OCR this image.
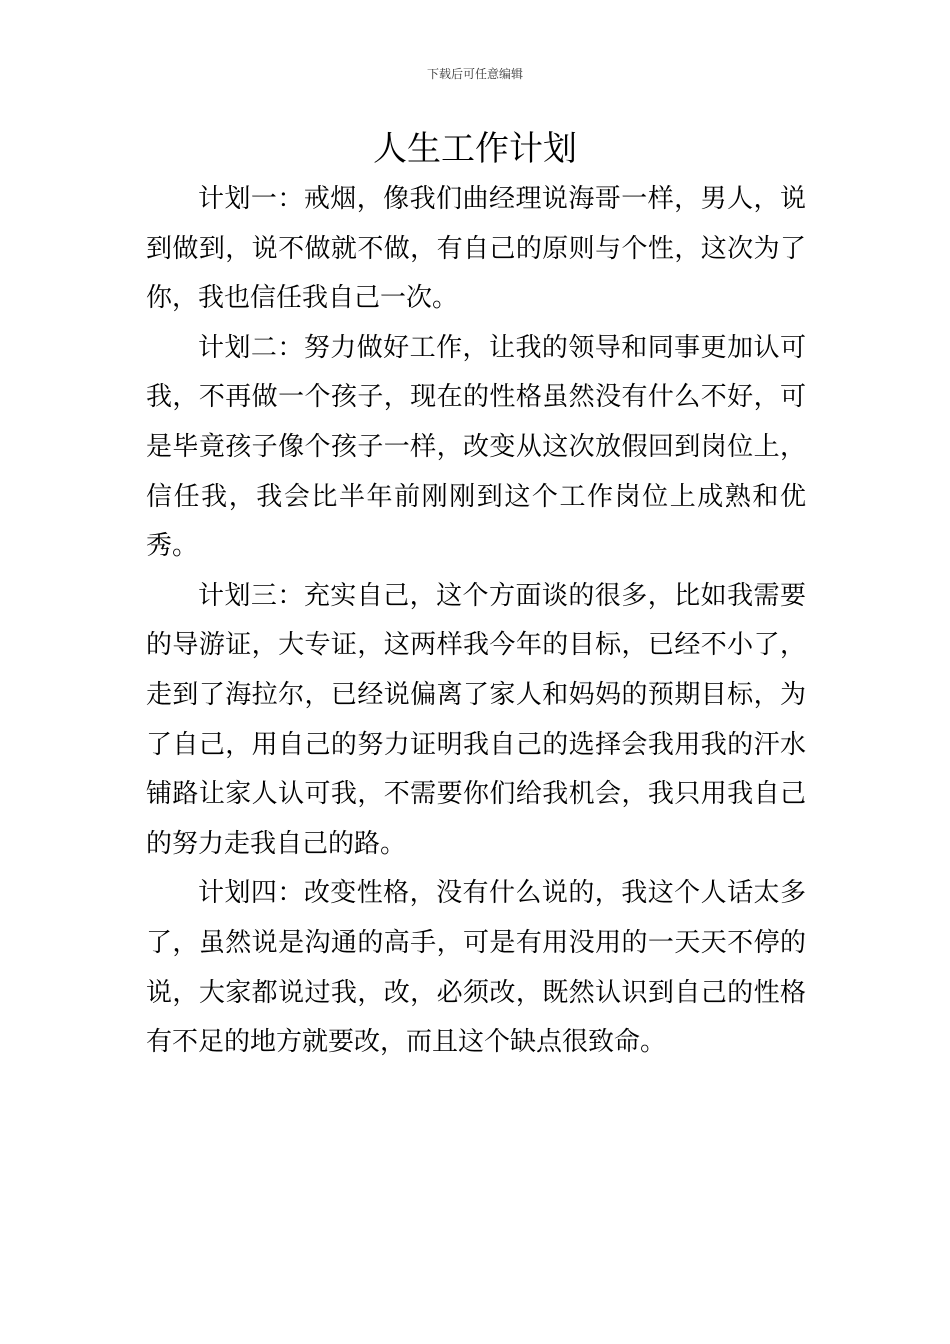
下载后可任意编辑
人生工作计划

计划一：戒烟，像我们曲经理说海哥一样，男人，说到做到，说不做就不做，有自己的原则与个性，这次为了你，我也信任我自己一次。

计划二：努力做好工作，让我的领导和同事更加认可我，不再做一个孩子，现在的性格虽然没有什么不好，可是毕竟孩子像个孩子一样，改变从这次放假回到岗位上，信任我，我会比半年前刚刚到这个工作岗位上成熟和优秀。

计划三：充实自己，这个方面谈的很多，比如我需要的导游证，大专证，这两样我今年的目标，已经不小了，走到了海拉尔，已经说偏离了家人和妈妈的预期目标，为了自己，用自己的努力证明我自己的选择会我用我的汗水铺路让家人认可我，不需要你们给我机会，我只用我自己的努力走我自己的路。

计划四：改变性格，没有什么说的，我这个人话太多了，虽然说是沟通的高手，可是有用没用的一天天不停的说，大家都说过我，改，必须改，既然认识到自己的性格有不足的地方就要改，而且这个缺点很致命。
